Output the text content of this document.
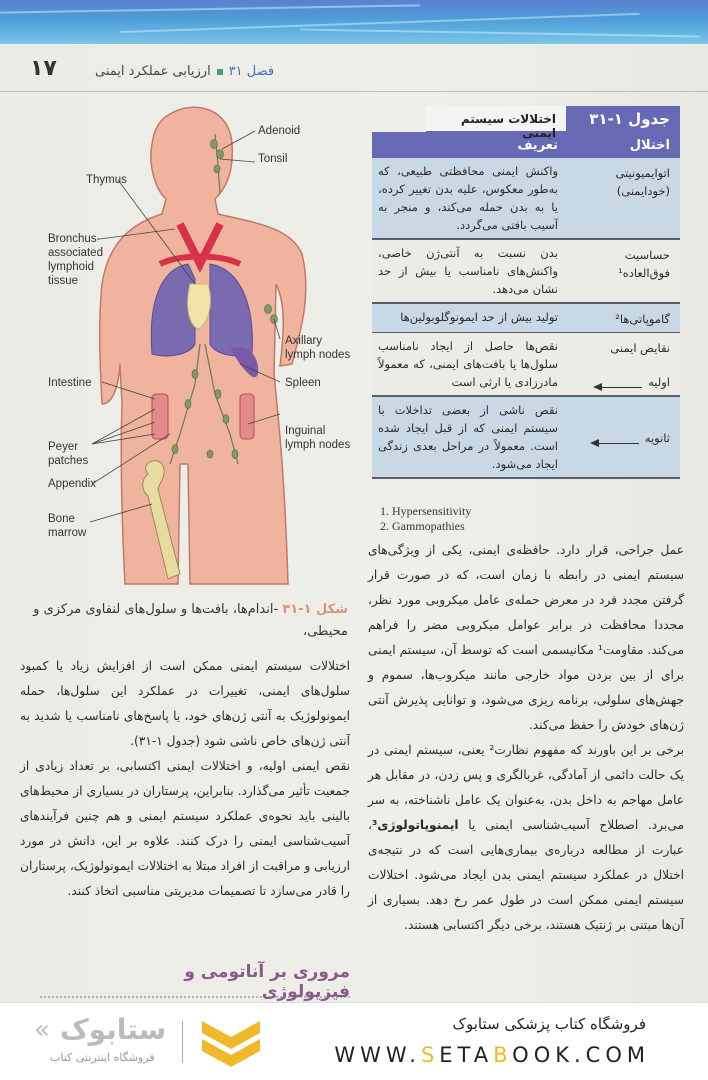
۱۷	فصل ۳۱
ارزیابی عملکرد ایمنی
Adenoid
Tonsil
Thymus
Bronchus-
associated
lymphoid
tissue
Axillary
lymph nodes
Spleen
Intestine
Inguinal
lymph nodes
Peyer
patches
Appendix
Bone
marrow
شکل ۱-۳۱ -اندام‌ها، بافت‌ها و سلول‌های لنفاوی مرکزی و محیطی،

اختلالات سیستم ایمنی ممکن است از افزایش زیاد یا کمبود سلول‌های ایمنی، تغییرات در عملکرد این سلول‌ها، حمله ایمونولوژیک به آنتی ژن‌های خود، یا پاسخ‌های نامناسب یا شدید به آنتی ژن‌های خاص ناشی شود (جدول ۱-۳۱).

نقص ایمنی اولیه، و اختلالات ایمنی اکتسابی، بر تعداد زیادی از جمعیت تأثیر می‌گذارد. بنابراین، پرستاران در بسیاری از محیط‌های بالینی باید نحوه‌ی عملکرد سیستم ایمنی و هم چنین فرآیندهای آسیب‌شناسی ایمنی را درک کنند. علاوه بر این، دانش در مورد ارزیابی و مراقبت از افراد مبتلا به اختلالات ایمونولوژیک، پرستاران را قادر می‌سازد تا تصمیمات مدیریتی مناسبی اتخاذ کنند.

مروری بر آناتومی و فیزیولوژی
جدول ۱-۳۱
اختلالات سیستم ایمنی
اختلال
تعریف
اتوایمیونیتی (خودایمنی)
واکنش ایمنی محافظتی طبیعی، که به‌طور معکوس، علیه بدن تغییر کرده، یا به بدن حمله می‌کند، و منجر به آسیب بافتی می‌گردد.
حساسیت فوق‌العاده¹
بدن نسبت به آنتی‌ژن خاصی، واکنش‌های نامناسب یا بیش از حد نشان می‌دهد.
گاموپاتی‌ها²
تولید بیش از حد ایمونوگلوبولین‌ها
نقایص ایمنی
اولیه
نقص‌ها حاصل از ایجاد نامناسب سلول‌ها یا بافت‌های ایمنی، که معمولاً مادرزادی یا ارثی است
ثانویه
نقص ناشی از بعضی تداخلات با سیستم ایمنی که از قبل ایجاد شده است. معمولاً در مراحل بعدی زندگی ایجاد می‌شود.
1. Hypersensitivity
2. Gammopathies

عمل جراحی، قرار دارد. حافظه‌ی ایمنی، یکی از ویژگی‌های سیستم ایمنی در رابطه با زمان است، که در صورت قرار گرفتن مجدد فرد در معرض حمله‌ی عامل میکروبی مورد نظر، مجددا محافظت در برابر عوامل میکروبی مضر را فراهم می‌کند. مقاومت¹ مکانیسمی است که توسط آن، سیستم ایمنی برای از بین بردن مواد خارجی مانند میکروب‌ها، سموم و جهش‌های سلولی، برنامه ریزی می‌شود، و توانایی پذیرش آنتی ژن‌های خودش را حفظ می‌کند.

برخی بر این باورند که مفهوم نظارت² یعنی، سیستم ایمنی در یک حالت دائمی از آمادگی، غربالگری و پس زدن، در مقابل هر عامل مهاجم به داخل بدن، به‌عنوان یک عامل ناشناخته، به سر می‌برد. اصطلاح آسیب‌شناسی ایمنی یا ایمنوپاتولوژی³، عبارت از مطالعه درباره‌ی بیماری‌هایی است که در نتیجه‌ی اختلال در عملکرد سیستم ایمنی بدن ایجاد می‌شود. اختلالات سیستم ایمنی ممکن است در طول عمر رخ دهد. بسیاری از آن‌ها مبتنی بر ژنتیک هستند، برخی دیگر اکتسابی هستند.

« ستابوک
فروشگاه اینترنتی کتاب
فروشگاه کتاب پزشکی ستابوک
WWW.SETABOOK.COM
